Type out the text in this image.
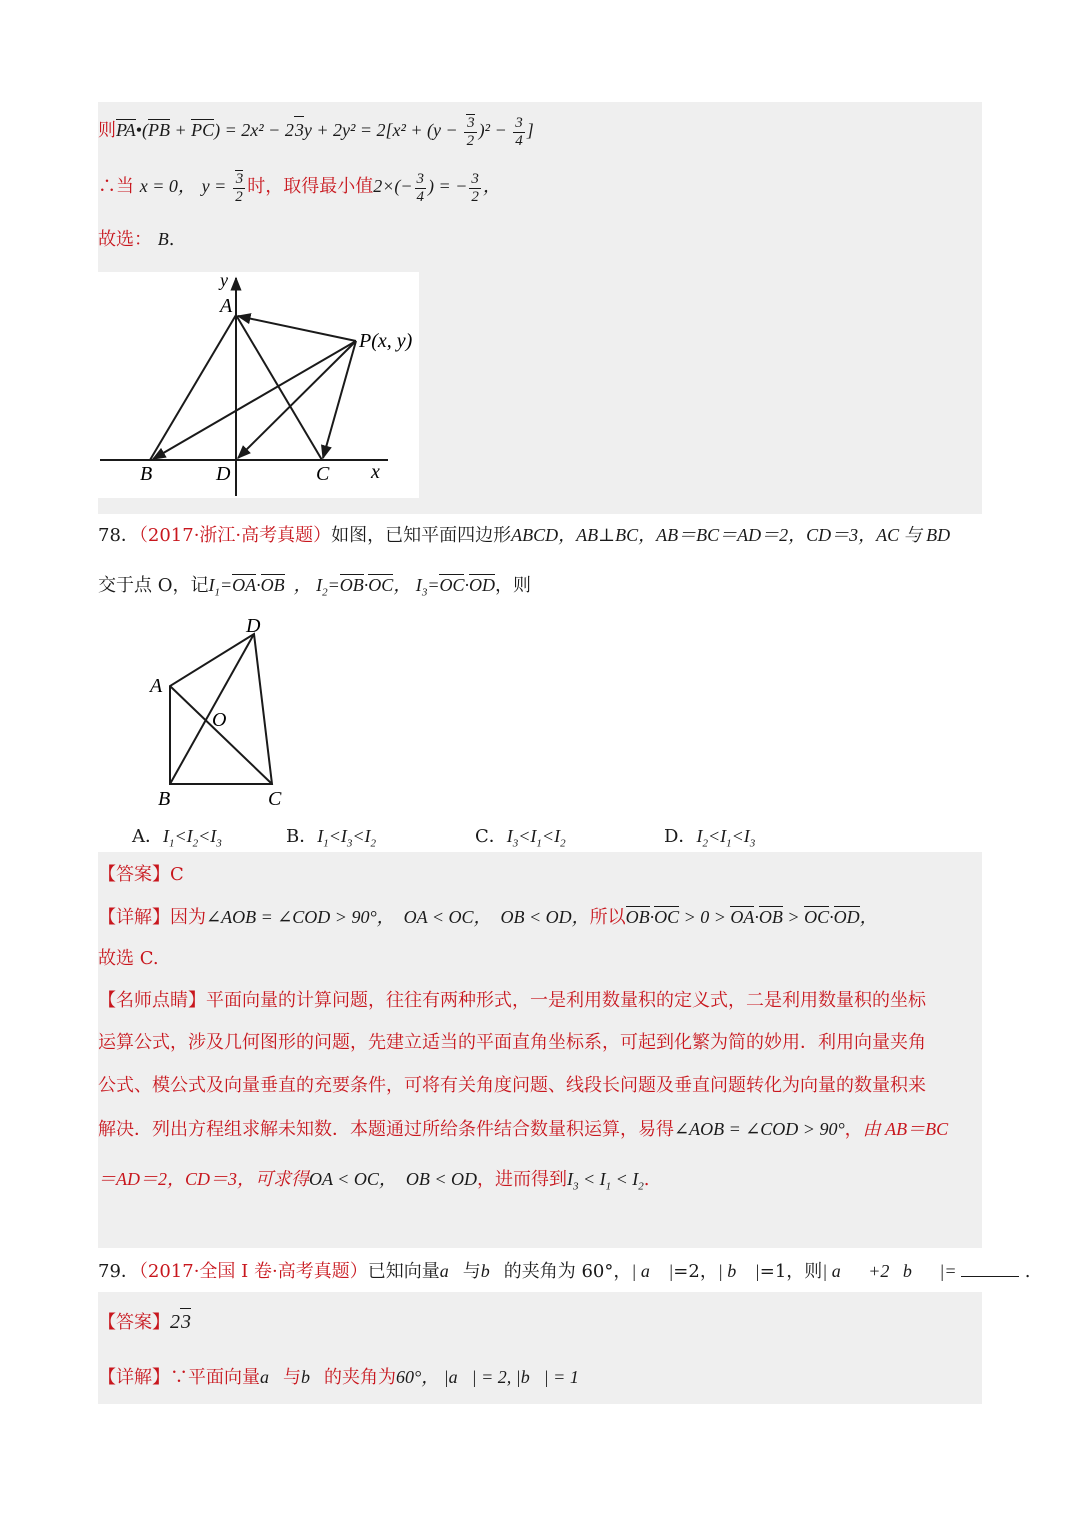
则PA•(PB + $PC) = 2x^2 - 23y + 2y^2 = 2[x^2 + (y - \frac{3}{2} )^2 - \frac{3}{4}$ ]
∴当 x = 0， $y = \frac{3}{2}$ 时，取得最小值$2\times(- \frac{3}{4}$ ) = − $\frac{3}{2}$ ，
故选： B.
y
A
P(x, y)
B	D	C x
78．（2017·浙江·高考真题）如图，已知平面四边形ABCD，AB⊥BC，AB＝BC＝AD＝2，CD＝3，AC 与 BD
交于点 O，记$I_1=OA\cdot OB$  ， $I_2=OB\cdot OC$， $I_3=OC\cdot OD$，则
A
B	C
D
O
A．$I_1<I_2<I_3$	B．$I_1<I_3<I_2$	C．$I_3<I_1<I_2$	D．$I_2<I_1<I_3$
【答案】C
【详解】因为∠AOB = ∠COD > 90°，  OA < OC，  OB < OD，所以OB·OC > 0 > OA·OB > OC·OD，
故选 C.
【名师点睛】平面向量的计算问题，往往有两种形式，一是利用数量积的定义式，二是利用数量积的坐标
运算公式，涉及几何图形的问题，先建立适当的平面直角坐标系，可起到化繁为简的妙用．利用向量夹角
公式、模公式及向量垂直的充要条件，可将有关角度问题、线段长问题及垂直问题转化为向量的数量积来
解决．列出方程组求解未知数．本题通过所给条件结合数量积运算，易得∠AOB = ∠COD > 90°，由 AB＝BC
＝AD＝2，CD＝3，可求得OA < OC，  OB < OD，进而得到$I_3 < I_1 < I_2$.
79．（2017·全国 I 卷·高考真题）已知向量a⃗与b⃗的夹角为 60°，| a⃗ |=2，| b⃗ |=1，则| a⃗   +2   b⃗   |=	.
【答案】23
【详解】∵平面向量a⃗与b⃗的夹角为60°， |a⃗| = 2, |b⃗| = 1
